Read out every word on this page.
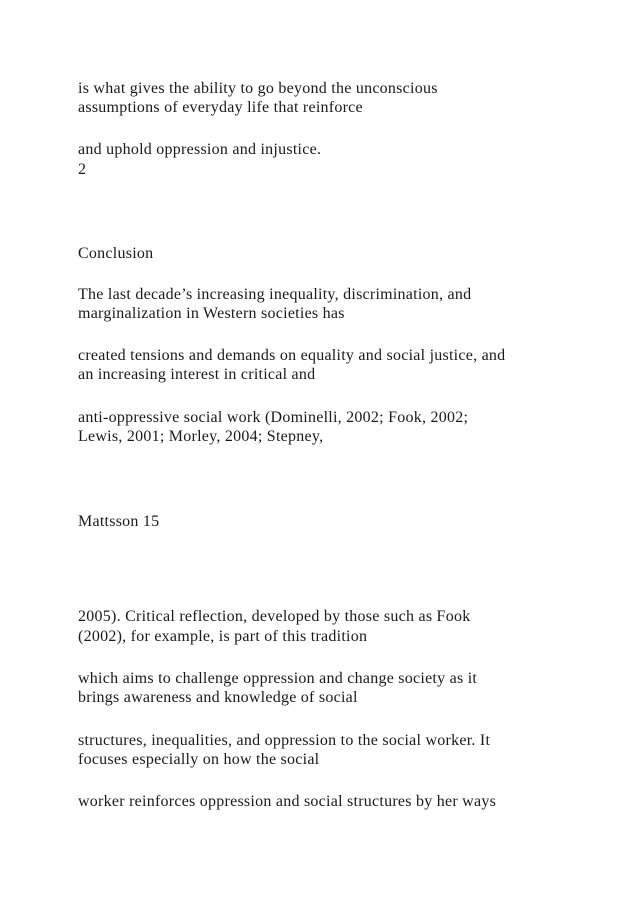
is what gives the ability to go beyond the unconscious

assumptions of everyday life that reinforce

and uphold oppression and injustice.

2

Conclusion

The last decade’s increasing inequality, discrimination, and

marginalization in Western societies has

created tensions and demands on equality and social justice, and

an increasing interest in critical and

anti-oppressive social work (Dominelli, 2002; Fook, 2002;

Lewis, 2001; Morley, 2004; Stepney,

Mattsson 15

2005). Critical reflection, developed by those such as Fook

(2002), for example, is part of this tradition

which aims to challenge oppression and change society as it

brings awareness and knowledge of social

structures, inequalities, and oppression to the social worker. It

focuses especially on how the social

worker reinforces oppression and social structures by her ways
